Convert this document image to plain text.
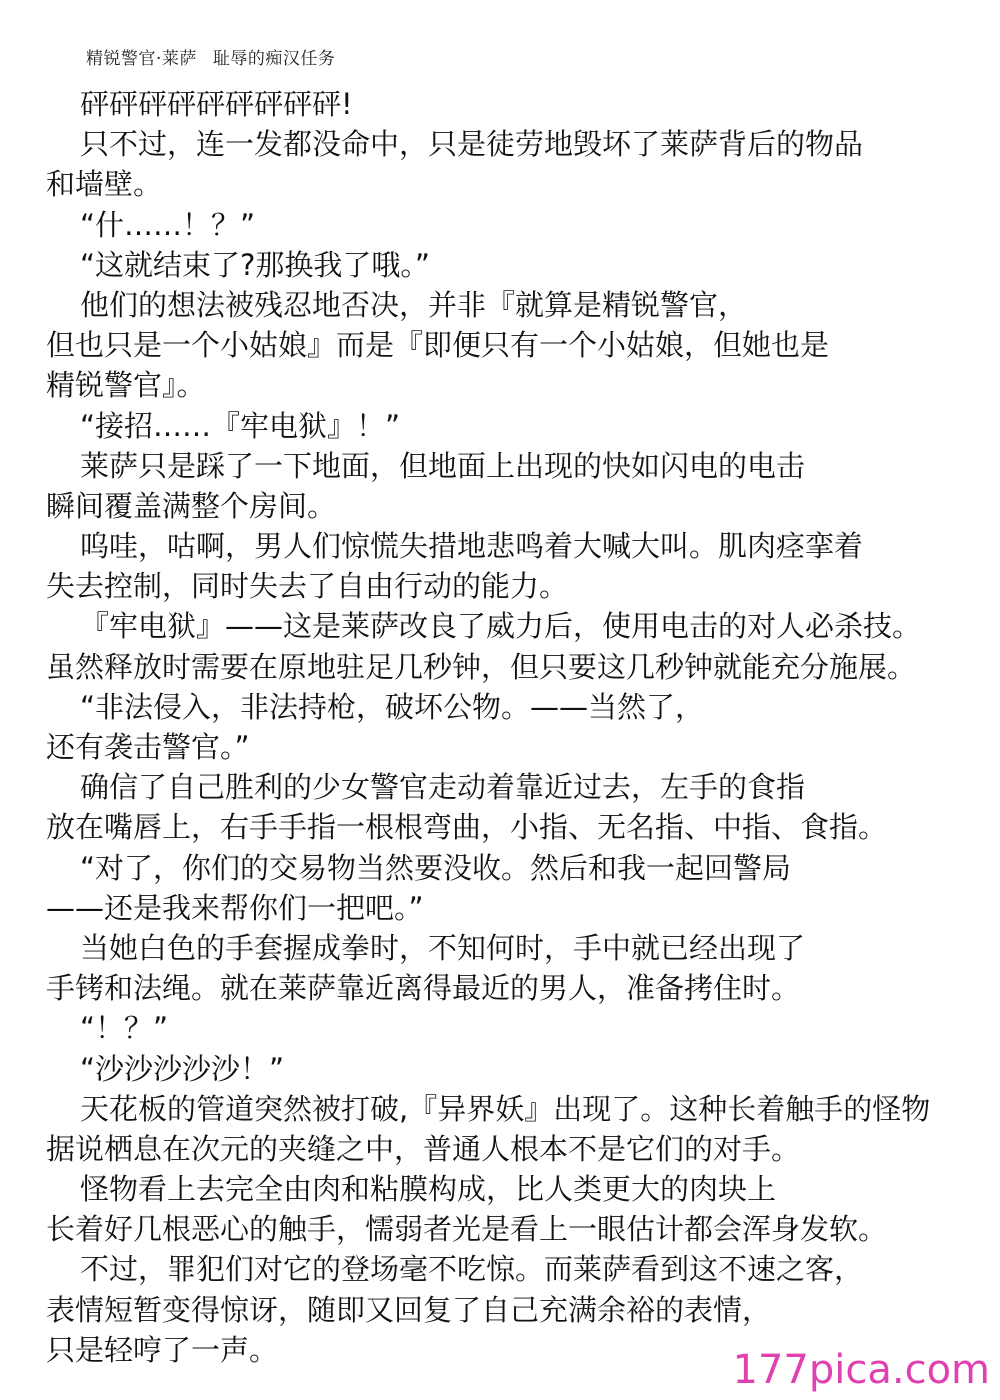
精锐警官·莱萨 耻辱的痴汉任务
砰砰砰砰砰砰砰砰砰!
只不过，连一发都没命中，只是徒劳地毁坏了莱萨背后的物品
和墙壁。
“什……！？”
“这就结束了?那换我了哦。”
他们的想法被残忍地否决，并非『就算是精锐警官，
但也只是一个小姑娘』而是『即便只有一个小姑娘，但她也是
精锐警官』。
“接招……『牢电狱』！”
莱萨只是踩了一下地面，但地面上出现的快如闪电的电击
瞬间覆盖满整个房间。
呜哇，咕啊，男人们惊慌失措地悲鸣着大喊大叫。肌肉痉挛着
失去控制，同时失去了自由行动的能力。
『牢电狱』——这是莱萨改良了威力后，使用电击的对人必杀技。
虽然释放时需要在原地驻足几秒钟，但只要这几秒钟就能充分施展。
“非法侵入，非法持枪，破坏公物。——当然了，
还有袭击警官。”
确信了自己胜利的少女警官走动着靠近过去，左手的食指
放在嘴唇上，右手手指一根根弯曲，小指、无名指、中指、食指。
“对了，你们的交易物当然要没收。然后和我一起回警局
——还是我来帮你们一把吧。”
当她白色的手套握成拳时，不知何时，手中就已经出现了
手铐和法绳。就在莱萨靠近离得最近的男人，准备拷住时。
“！？”
“沙沙沙沙沙！”
天花板的管道突然被打破,『异界妖』出现了。这种长着触手的怪物
据说栖息在次元的夹缝之中，普通人根本不是它们的对手。
怪物看上去完全由肉和粘膜构成，比人类更大的肉块上
长着好几根恶心的触手，懦弱者光是看上一眼估计都会浑身发软。
不过，罪犯们对它的登场毫不吃惊。而莱萨看到这不速之客，
表情短暂变得惊讶，随即又回复了自己充满余裕的表情，
只是轻哼了一声。	177pica.com
